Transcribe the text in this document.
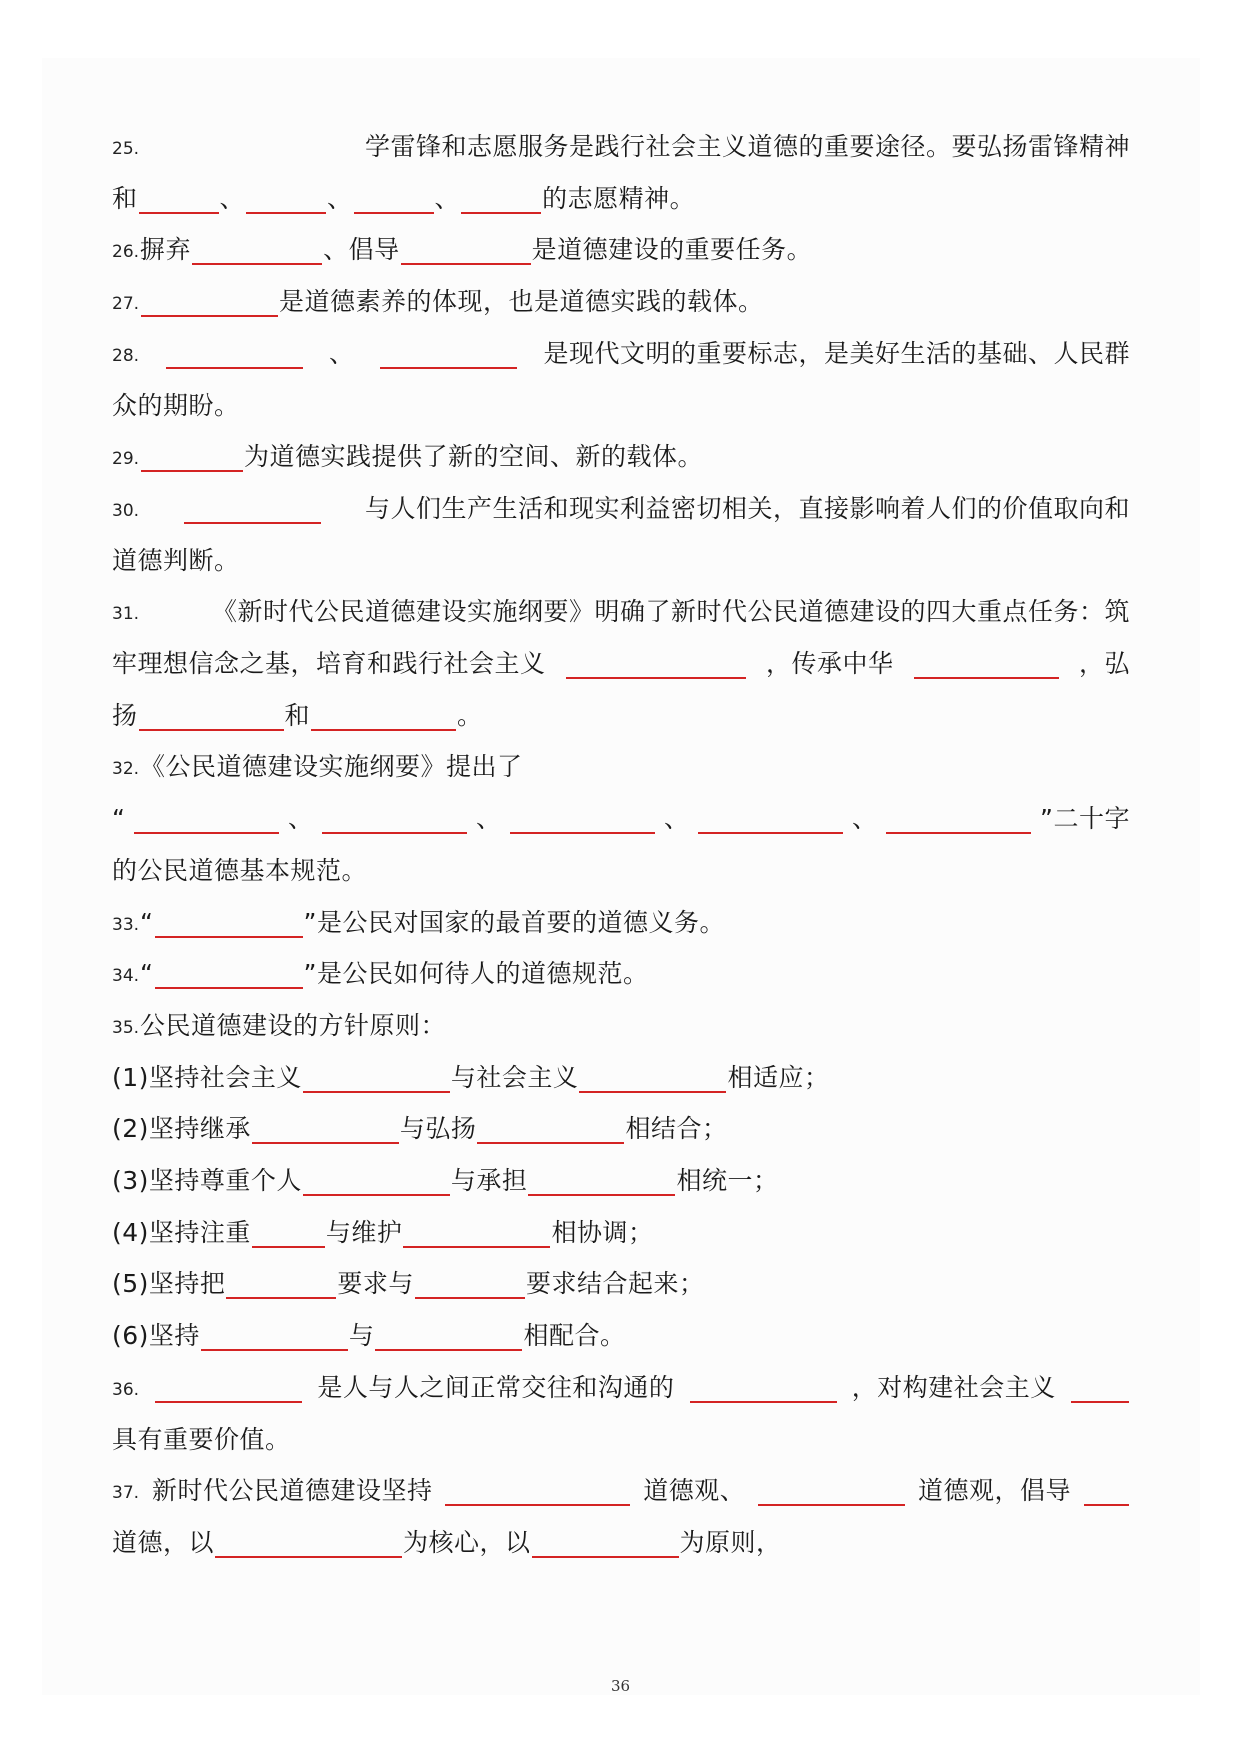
25.	学雷锋和志愿服务是践行社会主义道德的重要途径。要弘扬雷锋精神
和	、	、	、	的志愿精神。
26. 摒弃	、倡导	是道德建设的重要任务。
27.	是道德素养的体现，也是道德实践的载体。
28.	、	是现代文明的重要标志，是美好生活的基础、人民群
众的期盼。
29.	为道德实践提供了新的空间、新的载体。
30.	与人们生产生活和现实利益密切相关，直接影响着人们的价值取向和
道德判断。
31.	《新时代公民道德建设实施纲要》明确了新时代公民道德建设的四大重点任务：筑
牢理想信念之基，培育和践行社会主义	，传承中华	，弘
扬	和	。
32. 《公民道德建设实施纲要》提出了
“	、	、	、	、	”二十字
的公民道德基本规范。
33. “	”是公民对国家的最首要的道德义务。
34. “	”是公民如何待人的道德规范。
35. 公民道德建设的方针原则：
(1)坚持社会主义	与社会主义	相适应；
(2)坚持继承	与弘扬	相结合；
(3)坚持尊重个人	与承担	相统一；
(4)坚持注重	与维护	相协调；
(5)坚持把	要求与	要求结合起来；
(6)坚持	与	相配合。
36.	是人与人之间正常交往和沟通的	，对构建社会主义
具有重要价值。
37. 新时代公民道德建设坚持	道德观、	道德观，倡导
道德，以	为核心，以	为原则，
36
